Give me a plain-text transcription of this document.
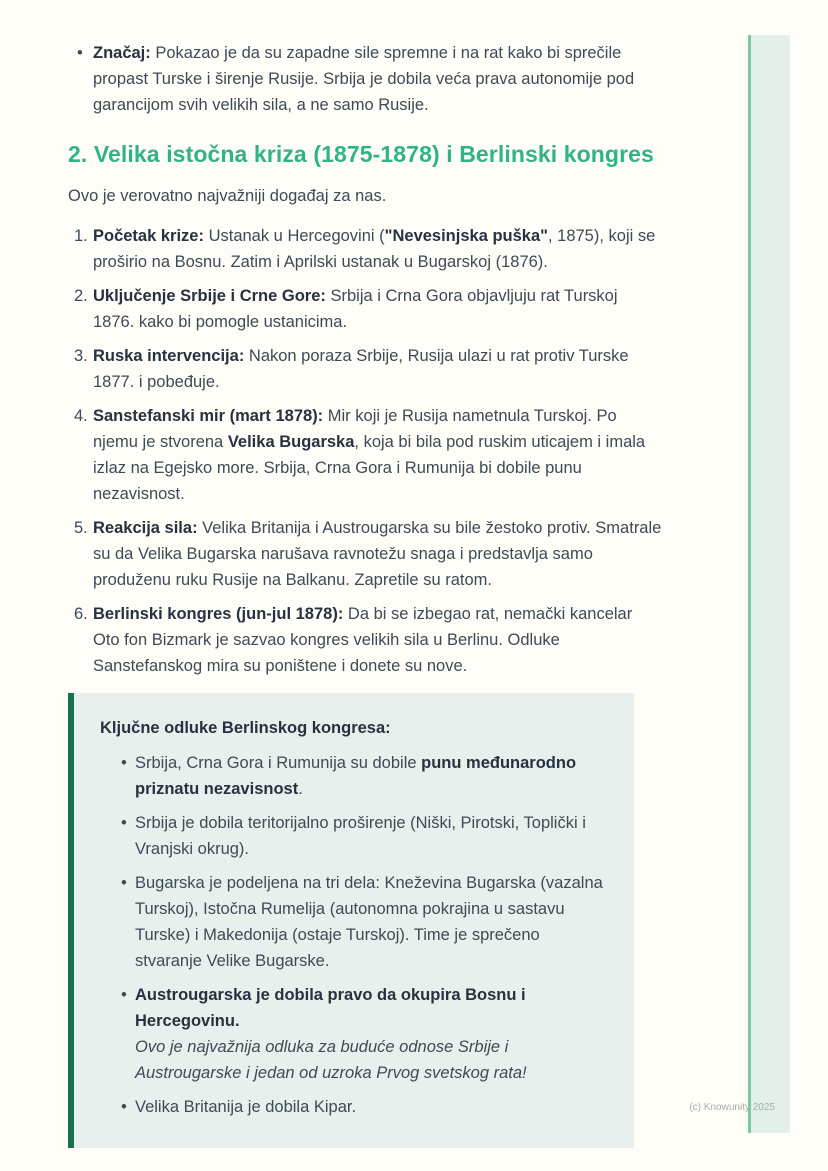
•
Značaj: Pokazao je da su zapadne sile spremne i na rat kako bi sprečile propast Turske i širenje Rusije. Srbija je dobila veća prava autonomije pod garancijom svih velikih sila, a ne samo Rusije.
2. Velika istočna kriza (1875-1878) i Berlinski kongres

Ovo je verovatno najvažniji događaj za nas.

1. Početak krize: Ustanak u Hercegovini ("Nevesinjska puška", 1875), koji se proširio na Bosnu. Zatim i Aprilski ustanak u Bugarskoj (1876).
2. Uključenje Srbije i Crne Gore: Srbija i Crna Gora objavljuju rat Turskoj 1876. kako bi pomogle ustanicima.
3. Ruska intervencija: Nakon poraza Srbije, Rusija ulazi u rat protiv Turske 1877. i pobeđuje.
4. Sanstefanski mir (mart 1878): Mir koji je Rusija nametnula Turskoj. Po njemu je stvorena Velika Bugarska, koja bi bila pod ruskim uticajem i imala izlaz na Egejsko more. Srbija, Crna Gora i Rumunija bi dobile punu nezavisnost.
5. Reakcija sila: Velika Britanija i Austrougarska su bile žestoko protiv. Smatrale su da Velika Bugarska narušava ravnotežu snaga i predstavlja samo produženu ruku Rusije na Balkanu. Zapretile su ratom.
6. Berlinski kongres (jun-jul 1878): Da bi se izbegao rat, nemački kancelar Oto fon Bizmark je sazvao kongres velikih sila u Berlinu. Odluke Sanstefanskog mira su poništene i donete su nove.
Ključne odluke Berlinskog kongresa:
•
Srbija, Crna Gora i Rumunija su dobile punu međunarodno priznatu nezavisnost.
•
Srbija je dobila teritorijalno proširenje (Niški, Pirotski, Toplički i Vranjski okrug).
•
Bugarska je podeljena na tri dela: Kneževina Bugarska (vazalna Turskoj), Istočna Rumelija (autonomna pokrajina u sastavu Turske) i Makedonija (ostaje Turskoj). Time je sprečeno stvaranje Velike Bugarske.
•
Austrougarska je dobila pravo da okupira Bosnu i Hercegovinu.
Ovo je najvažnija odluka za buduće odnose Srbije i Austrougarske i jedan od uzroka Prvog svetskog rata!
•
Velika Britanija je dobila Kipar.	(c) Knowunity 2025
